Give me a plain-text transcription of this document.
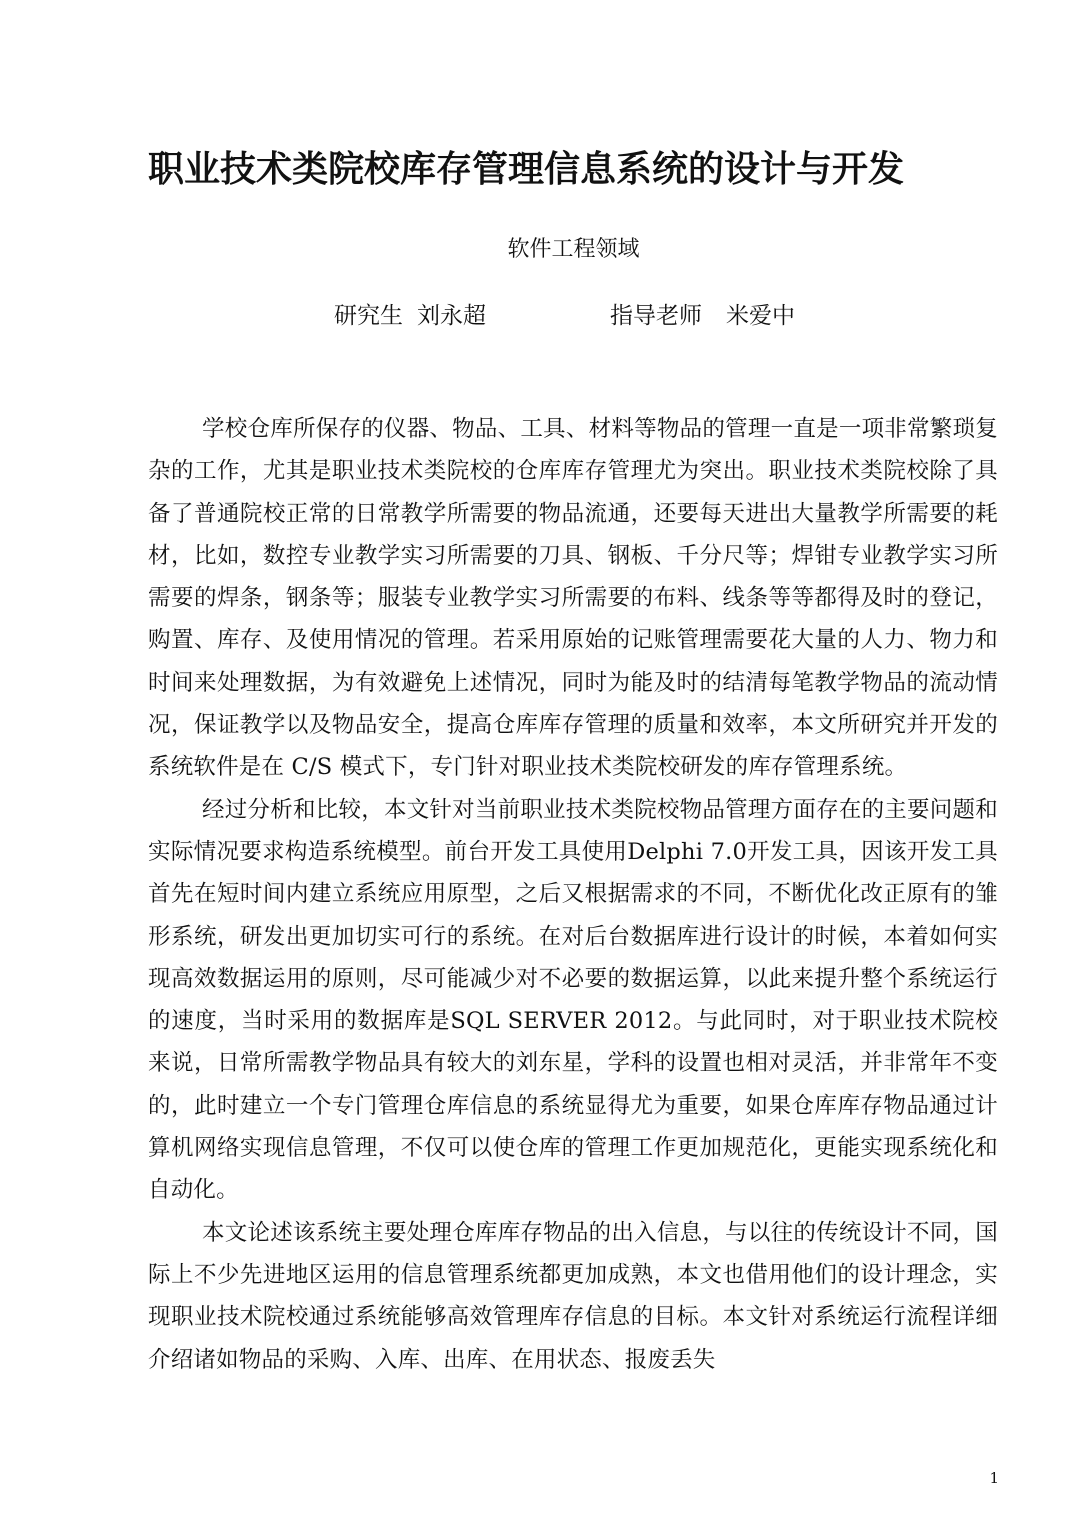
职业技术类院校库存管理信息系统的设计与开发
软件工程领域
研究生 刘永超	指导老师 米爱中

学校仓库所保存的仪器、物品、工具、材料等物品的管理一直是一项非常繁琐复杂的工作，尤其是职业技术类院校的仓库库存管理尤为突出。职业技术类院校除了具备了普通院校正常的日常教学所需要的物品流通，还要每天进出大量教学所需要的耗材，比如，数控专业教学实习所需要的刀具、钢板、千分尺等；焊钳专业教学实习所需要的焊条，钢条等；服装专业教学实习所需要的布料、线条等等都得及时的登记，购置、库存、及使用情况的管理。若采用原始的记账管理需要花大量的人力、物力和时间来处理数据，为有效避免上述情况，同时为能及时的结清每笔教学物品的流动情况，保证教学以及物品安全，提高仓库库存管理的质量和效率，本文所研究并开发的系统软件是在 C/S 模式下，专门针对职业技术类院校研发的库存管理系统。

经过分析和比较，本文针对当前职业技术类院校物品管理方面存在的主要问题和实际情况要求构造系统模型。前台开发工具使用Delphi 7.0开发工具，因该开发工具首先在短时间内建立系统应用原型，之后又根据需求的不同，不断优化改正原有的雏形系统，研发出更加切实可行的系统。在对后台数据库进行设计的时候，本着如何实现高效数据运用的原则，尽可能减少对不必要的数据运算，以此来提升整个系统运行的速度，当时采用的数据库是SQL SERVER 2012。与此同时，对于职业技术院校来说，日常所需教学物品具有较大的刘东星，学科的设置也相对灵活，并非常年不变的，此时建立一个专门管理仓库信息的系统显得尤为重要，如果仓库库存物品通过计算机网络实现信息管理，不仅可以使仓库的管理工作更加规范化，更能实现系统化和自动化。

本文论述该系统主要处理仓库库存物品的出入信息，与以往的传统设计不同，国际上不少先进地区运用的信息管理系统都更加成熟，本文也借用他们的设计理念，实现职业技术院校通过系统能够高效管理库存信息的目标。本文针对系统运行流程详细介绍诸如物品的采购、入库、出库、在用状态、报废丢失

1
